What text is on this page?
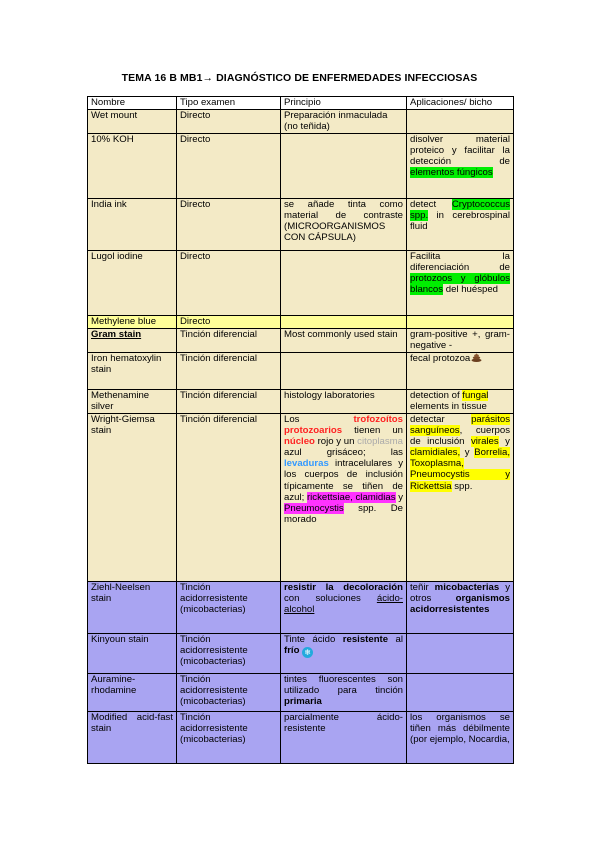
TEMA 16 B MB1→ DIAGNÓSTICO DE ENFERMEDADES INFECCIOSAS
Nombre	Tipo examen	Principio	Aplicaciones/ bicho
Wet mount	Directo	Preparación inmaculada (no teñida)	
10% KOH	Directo		disolver material proteico y facilitar la detección de elementos fúngicos
India ink	Directo	se añade tinta como material de contraste (MICROORGANISMOS CON CÁPSULA)	detect Cryptococcus spp. in cerebrospinal fluid
Lugol iodine	Directo		Facilita la diferenciación de protozoos y glóbulos blancos del huésped
Methylene blue	Directo		
Gram stain	Tinción diferencial	Most commonly used stain	gram-positive +, gram-negative -
Iron hematoxylin stain	Tinción diferencial		fecal protozoa
Methenamine silver	Tinción diferencial	histology laboratories	detection of fungal elements in tissue
Wright-Giemsa stain	Tinción diferencial	Los trofozoítos protozoarios tienen un núcleo rojo y un citoplasma azul grisáceo; las levaduras intracelulares y los cuerpos de inclusión típicamente se tiñen de azul; rickettsiae, clamidias y Pneumocystis spp. De morado	detectar parásitos sanguíneos, cuerpos de inclusión virales y clamidiales, y Borrelia, Toxoplasma, Pneumocystis y Rickettsia spp.
Ziehl-Neelsen stain	Tinción acidorresistente (micobacterias)	resistir la decoloración con soluciones ácido-alcohol	teñir micobacterias y otros organismos acidorresistentes
Kinyoun stain	Tinción acidorresistente (micobacterias)	Tinte ácido resistente al frío ❄	
Auramine-rhodamine	Tinción acidorresistente (micobacterias)	tintes fluorescentes son utilizado para tinción primaria	
Modified acid-fast stain	Tinción acidorresistente (micobacterias)	parcialmente ácido-resistente	los organismos se tiñen más débilmente (por ejemplo, Nocardia,
